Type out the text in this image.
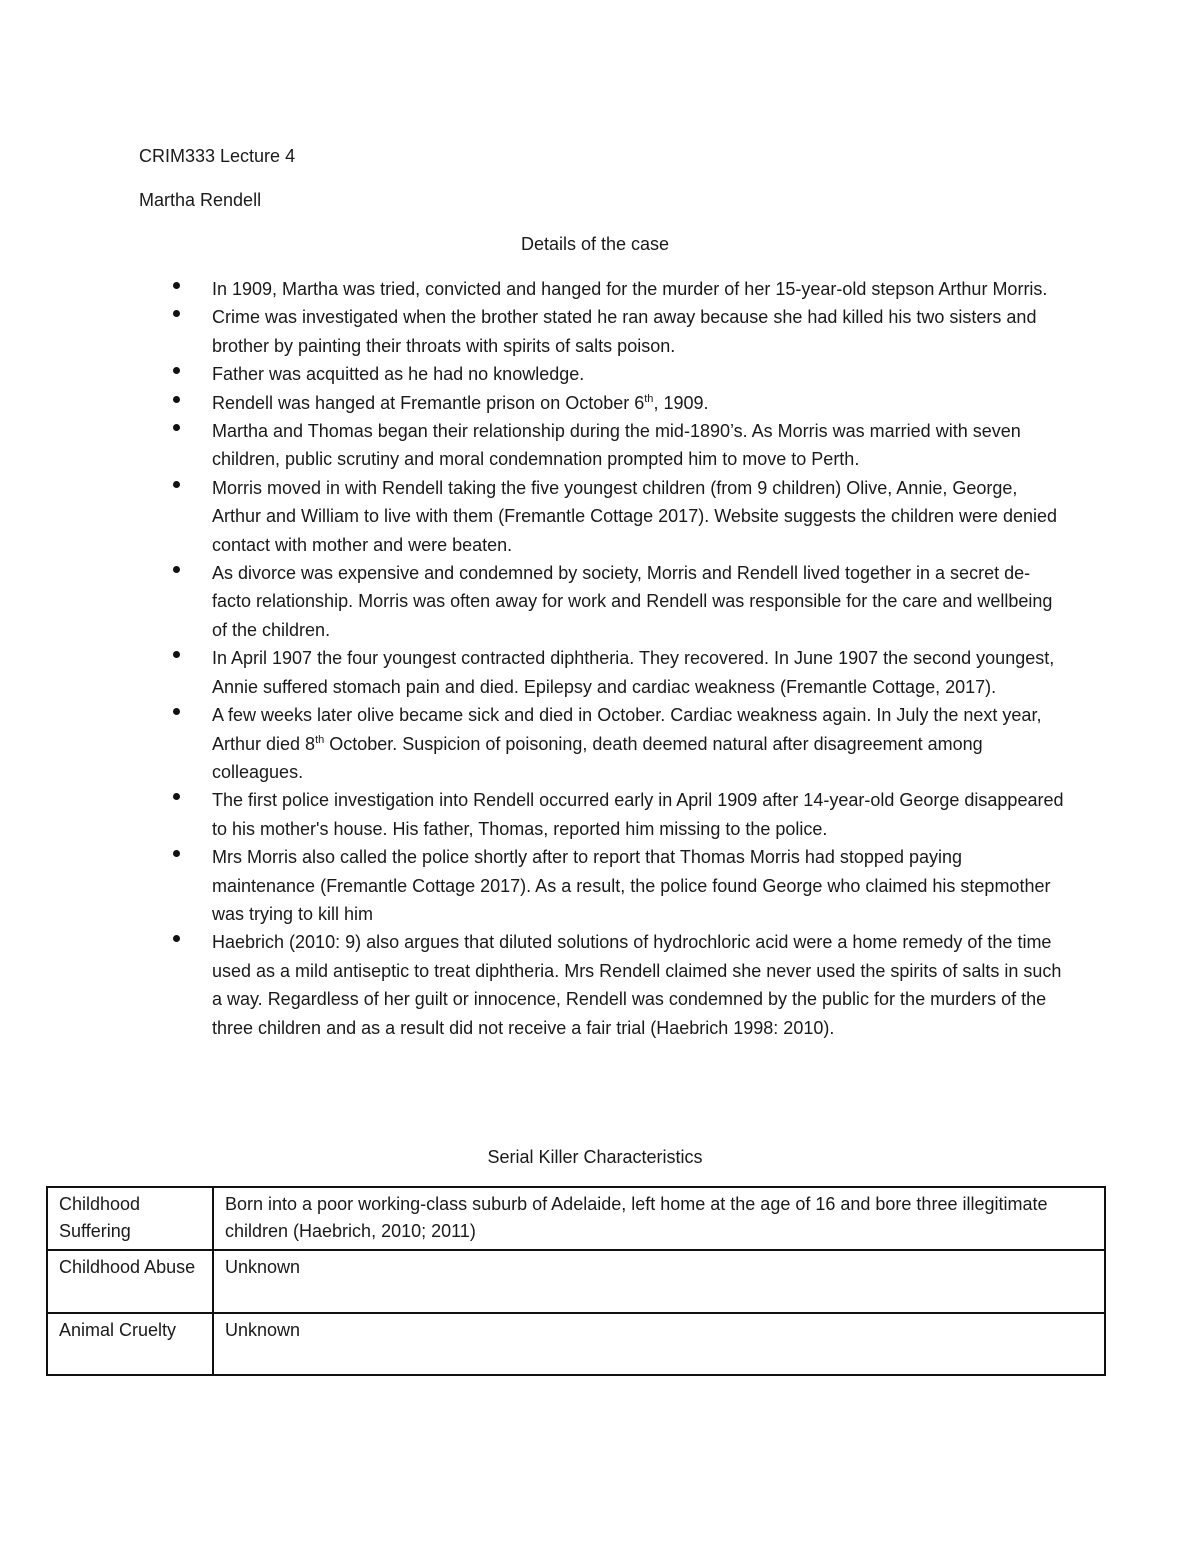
CRIM333 Lecture 4
Martha Rendell
Details of the case
In 1909, Martha was tried, convicted and hanged for the murder of her 15-year-old stepson Arthur Morris.
Crime was investigated when the brother stated he ran away because she had killed his two sisters and brother by painting their throats with spirits of salts poison.
Father was acquitted as he had no knowledge.
Rendell was hanged at Fremantle prison on October 6th, 1909.
Martha and Thomas began their relationship during the mid-1890’s. As Morris was married with seven children, public scrutiny and moral condemnation prompted him to move to Perth.
Morris moved in with Rendell taking the five youngest children (from 9 children) Olive, Annie, George, Arthur and William to live with them (Fremantle Cottage 2017). Website suggests the children were denied contact with mother and were beaten.
As divorce was expensive and condemned by society, Morris and Rendell lived together in a secret de-facto relationship. Morris was often away for work and Rendell was responsible for the care and wellbeing of the children.
In April 1907 the four youngest contracted diphtheria. They recovered. In June 1907 the second youngest, Annie suffered stomach pain and died. Epilepsy and cardiac weakness (Fremantle Cottage, 2017).
A few weeks later olive became sick and died in October. Cardiac weakness again. In July the next year, Arthur died 8th October. Suspicion of poisoning, death deemed natural after disagreement among colleagues.
The first police investigation into Rendell occurred early in April 1909 after 14-year-old George disappeared to his mother's house. His father, Thomas, reported him missing to the police.
Mrs Morris also called the police shortly after to report that Thomas Morris had stopped paying maintenance (Fremantle Cottage 2017). As a result, the police found George who claimed his stepmother was trying to kill him
Haebrich (2010: 9) also argues that diluted solutions of hydrochloric acid were a home remedy of the time used as a mild antiseptic to treat diphtheria. Mrs Rendell claimed she never used the spirits of salts in such a way. Regardless of her guilt or innocence, Rendell was condemned by the public for the murders of the three children and as a result did not receive a fair trial (Haebrich 1998: 2010).
Serial Killer Characteristics
Childhood Suffering	Born into a poor working-class suburb of Adelaide, left home at the age of 16 and bore three illegitimate children (Haebrich, 2010; 2011)
Childhood Abuse	Unknown
Animal Cruelty	Unknown
